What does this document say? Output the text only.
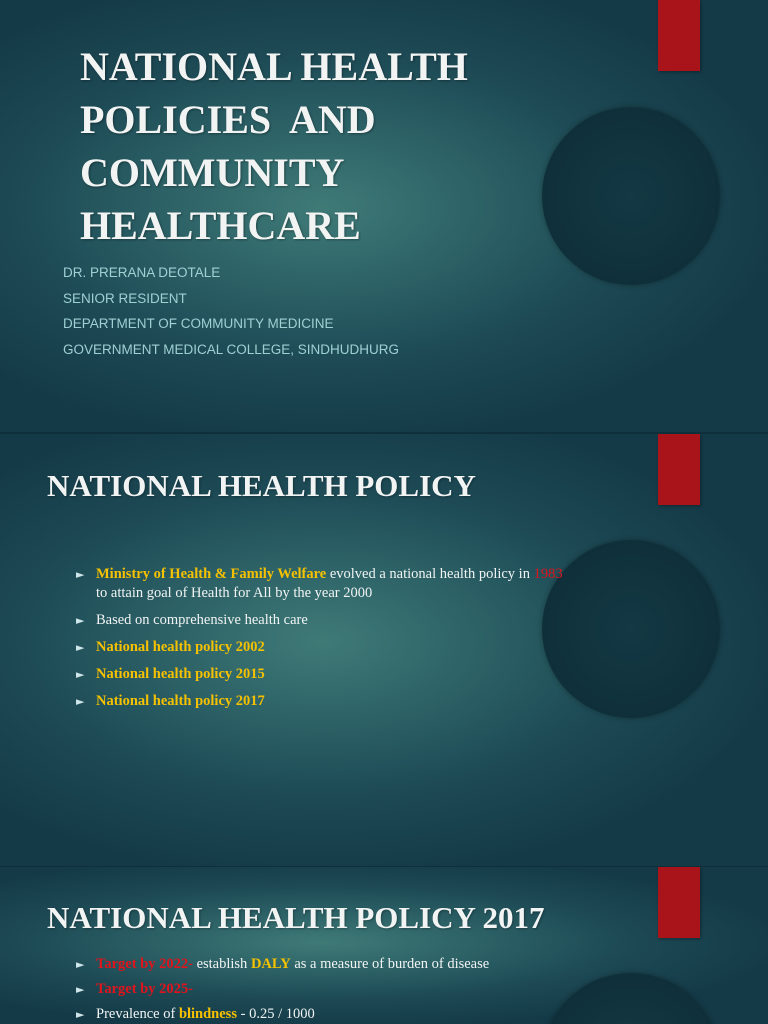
NATIONAL HEALTH
POLICIES  AND
COMMUNITY
HEALTHCARE
DR. PRERANA DEOTALE
SENIOR RESIDENT
DEPARTMENT OF COMMUNITY MEDICINE
GOVERNMENT MEDICAL COLLEGE, SINDHUDHURG
NATIONAL HEALTH POLICY
► Ministry of Health & Family Welfare evolved a national health policy in 1983
to attain goal of Health for All by the year 2000
► Based on comprehensive health care
► National health policy 2002
► National health policy 2015
► National health policy 2017
NATIONAL HEALTH POLICY 2017
► Target by 2022- establish DALY as a measure of burden of disease
► Target by 2025-
► Prevalence of blindness - 0.25 / 1000
